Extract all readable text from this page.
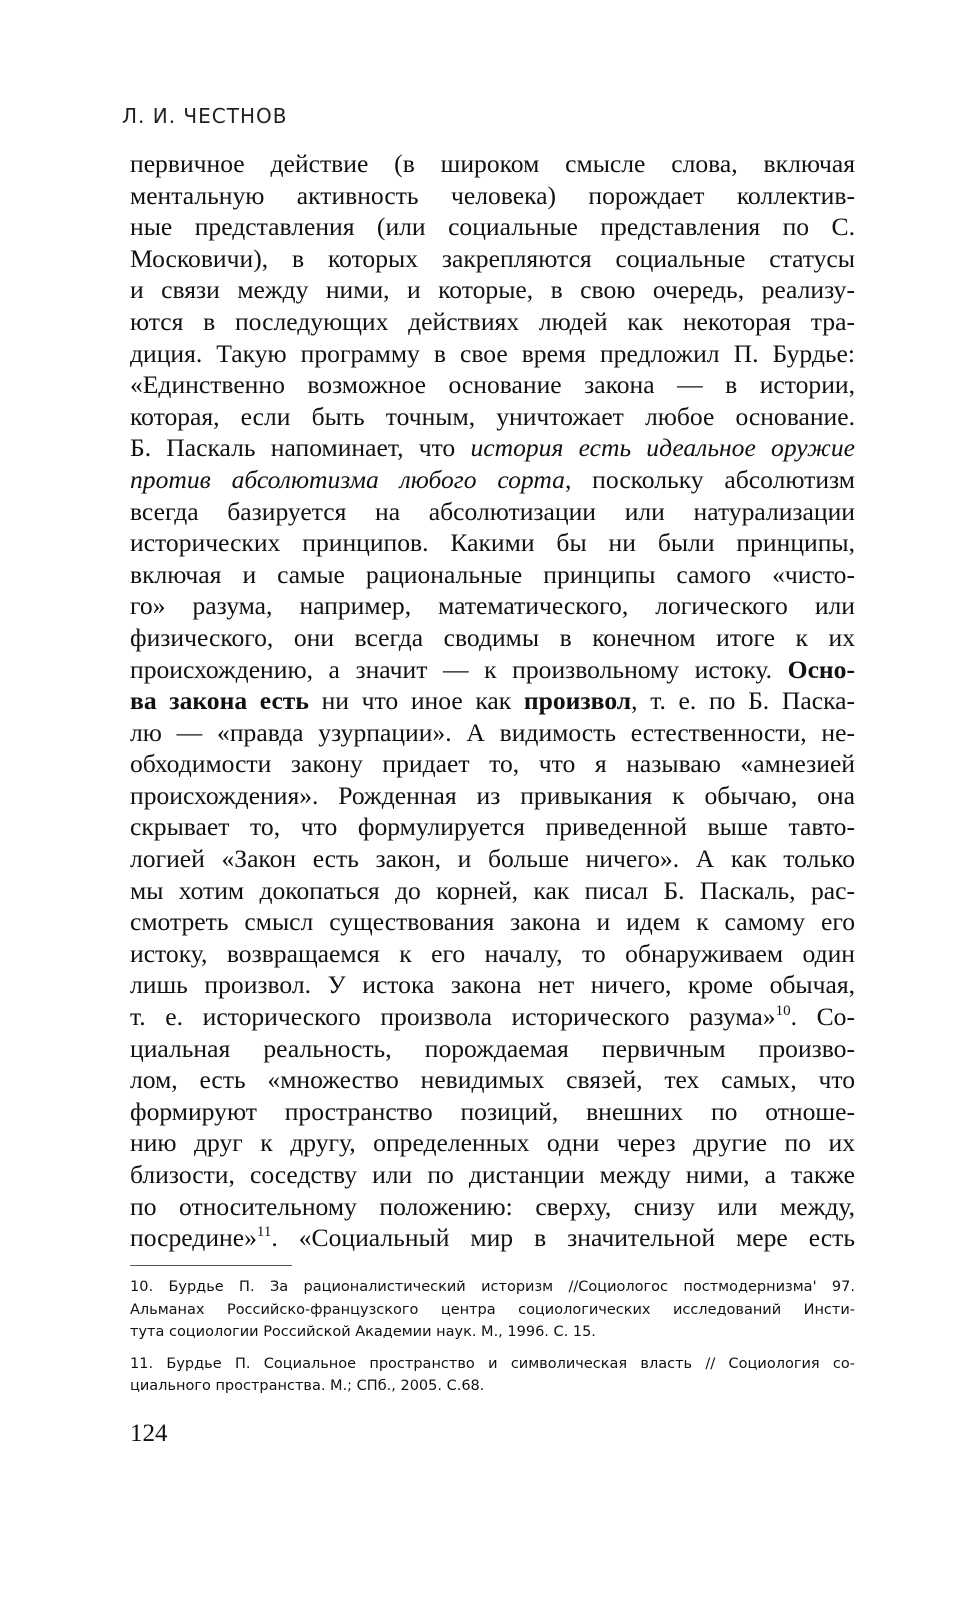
Л. И. ЧЕСТНОВ
первичное действие (в широком смысле слова, включая
ментальную активность человека) порождает коллектив-
ные представления (или социальные представления по С.
Московичи), в которых закрепляются социальные статусы
и связи между ними, и которые, в свою очередь, реализу-
ются в последующих действиях людей как некоторая тра-
диция. Такую программу в свое время предложил П. Бурдье:
«Единственно возможное основание закона — в истории,
которая, если быть точным, уничтожает любое основание.
Б. Паскаль напоминает, что история есть идеальное оружие
против абсолютизма любого сорта, поскольку абсолютизм
всегда базируется на абсолютизации или натурализации
исторических принципов. Какими бы ни были принципы,
включая и самые рациональные принципы самого «чисто-
го» разума, например, математического, логического или
физического, они всегда сводимы в конечном итоге к их
происхождению, а значит — к произвольному истоку. Осно-
ва закона есть ни что иное как произвол, т. е. по Б. Паска-
лю — «правда узурпации». А видимость естественности, не-
обходимости закону придает то, что я называю «амнезией
происхождения». Рожденная из привыкания к обычаю, она
скрывает то, что формулируется приведенной выше тавто-
логией «Закон есть закон, и больше ничего». А как только
мы хотим докопаться до корней, как писал Б. Паскаль, рас-
смотреть смысл существования закона и идем к самому его
истоку, возвращаемся к его началу, то обнаруживаем один
лишь произвол. У истока закона нет ничего, кроме обычая,
т. е. исторического произвола исторического разума»$^{10}$. Со-
циальная реальность, порождаемая первичным произво-
лом, есть «множество невидимых связей, тех самых, что
формируют пространство позиций, внешних по отноше-
нию друг к другу, определенных одни через другие по их
близости, соседству или по дистанции между ними, а также
по относительному положению: сверху, снизу или между,
посредине»$^{11}$. «Социальный мир в значительной мере есть
10. Бурдье П. За рационалистический историзм //Социологос постмодернизма' 97.
Альманах Российско-французского центра социологических исследований Инсти-
тута социологии Российской Академии наук. М., 1996. С. 15.
11. Бурдье П. Социальное пространство и символическая власть // Социология со-
циального пространства. М.; СПб., 2005. С.68.
124
